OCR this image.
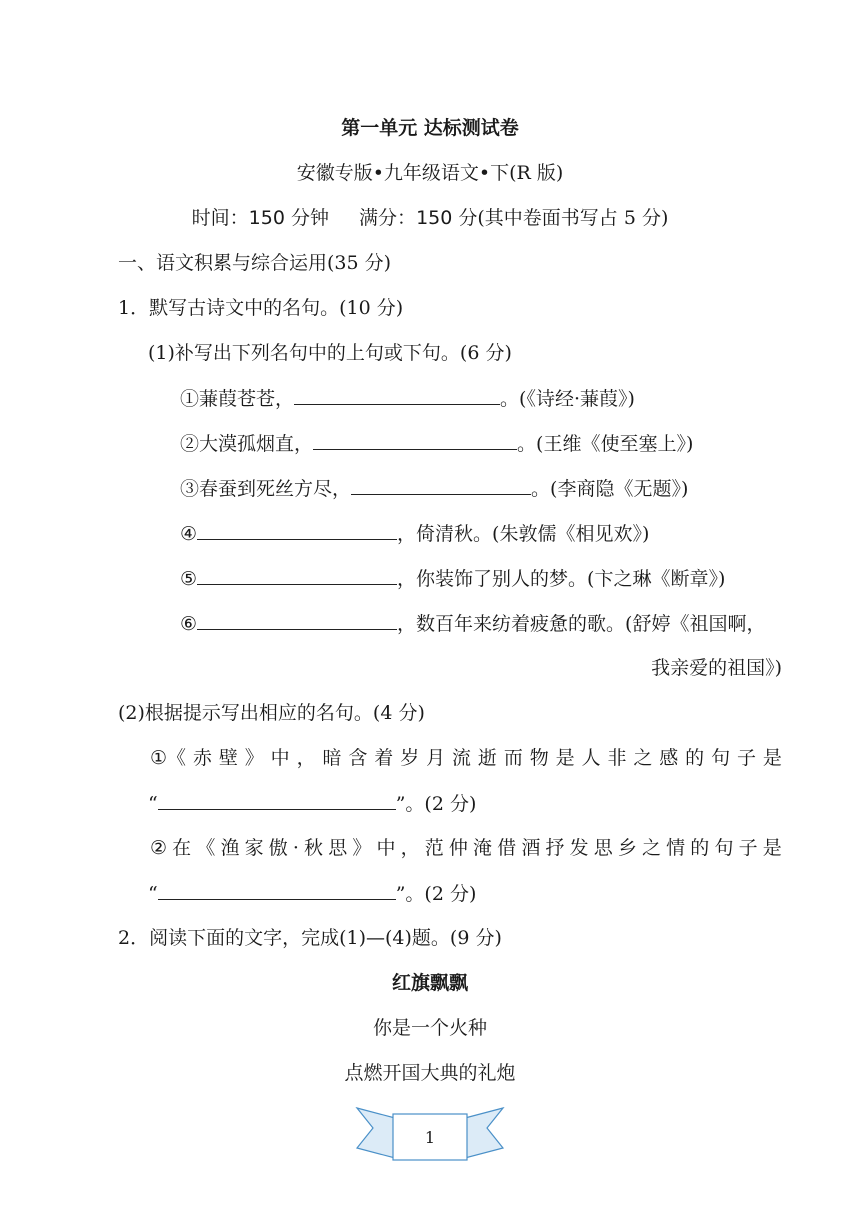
第一单元 达标测试卷
安徽专版•九年级语文•下(R 版)
时间：150 分钟 满分：150 分(其中卷面书写占 5 分)
一、语文积累与综合运用(35 分)
1．默写古诗文中的名句。(10 分)
(1)补写出下列名句中的上句或下句。(6 分)
①蒹葭苍苍，	。(《诗经·蒹葭》)
②大漠孤烟直，	。(王维《使至塞上》)
③春蚕到死丝方尽，	。(李商隐《无题》)
④	，倚清秋。(朱敦儒《相见欢》)
⑤	，你装饰了别人的梦。(卞之琳《断章》)
⑥	，数百年来纺着疲惫的歌。(舒婷《祖国啊，
我亲爱的祖国》)
(2)根据提示写出相应的名句。(4 分)
①《 赤 壁 》 中 ， 暗 含 着 岁 月 流 逝 而 物 是 人 非 之 感 的 句 子 是
“	”。(2 分)
② 在 《 渔 家 傲 · 秋 思 》 中 ， 范 仲 淹 借 酒 抒 发 思 乡 之 情 的 句 子 是
“	”。(2 分)
2．阅读下面的文字，完成(1)—(4)题。(9 分)
红旗飘飘
你是一个火种
点燃开国大典的礼炮
1
